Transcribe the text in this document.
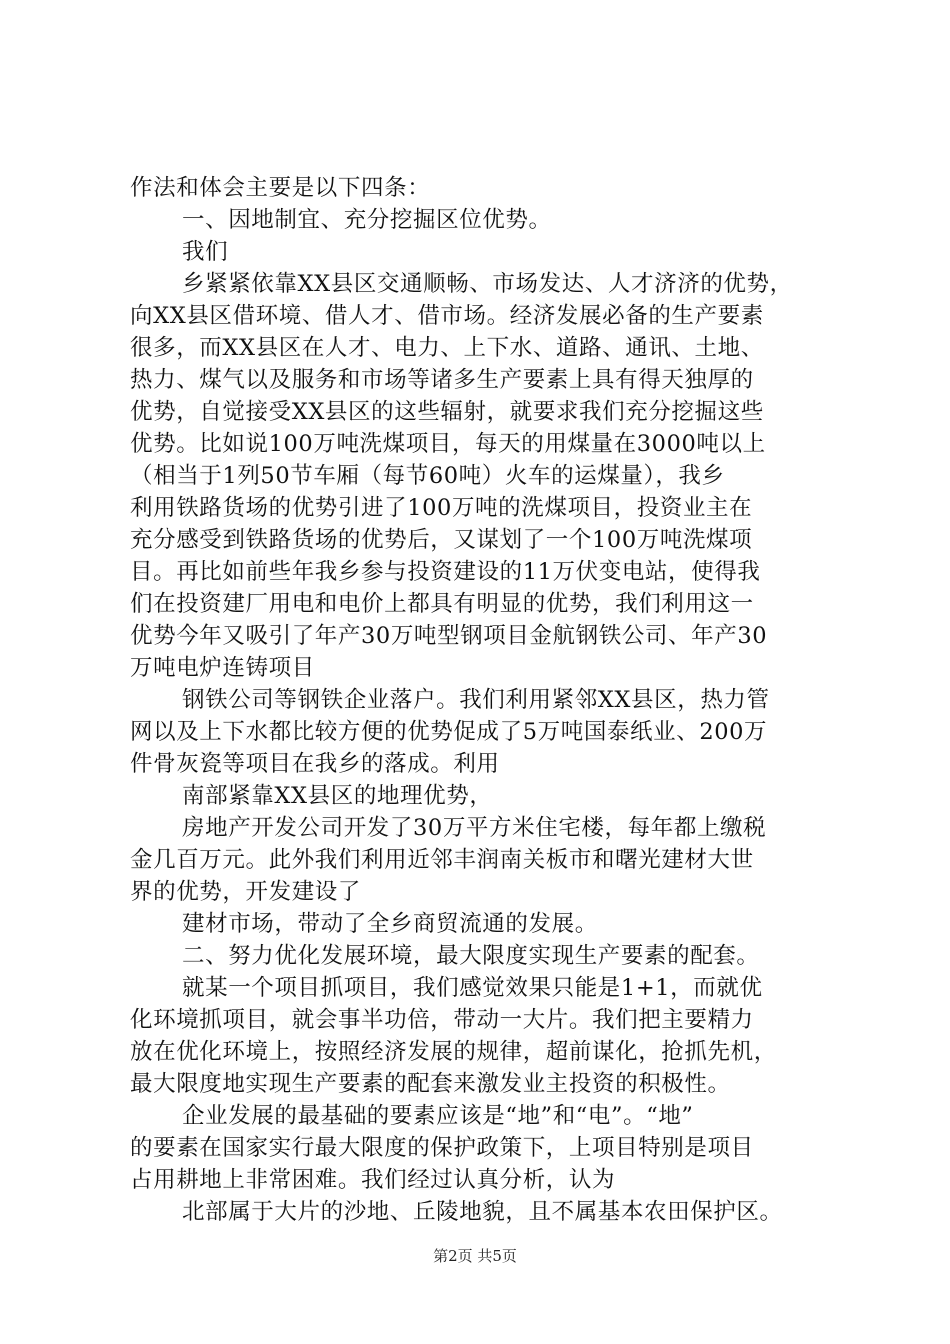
作法和体会主要是以下四条：
一、因地制宜、充分挖掘区位优势。
我们
乡紧紧依靠XX县区交通顺畅、市场发达、人才济济的优势，
向XX县区借环境、借人才、借市场。经济发展必备的生产要素
很多，而XX县区在人才、电力、上下水、道路、通讯、土地、
热力、煤气以及服务和市场等诸多生产要素上具有得天独厚的
优势，自觉接受XX县区的这些辐射，就要求我们充分挖掘这些
优势。比如说100万吨洗煤项目，每天的用煤量在3000吨以上
（相当于1列50节车厢（每节60吨）火车的运煤量），我乡
利用铁路货场的优势引进了100万吨的洗煤项目，投资业主在
充分感受到铁路货场的优势后，又谋划了一个100万吨洗煤项
目。再比如前些年我乡参与投资建设的11万伏变电站，使得我
们在投资建厂用电和电价上都具有明显的优势，我们利用这一
优势今年又吸引了年产30万吨型钢项目金航钢铁公司、年产30
万吨电炉连铸项目
钢铁公司等钢铁企业落户。我们利用紧邻XX县区，热力管
网以及上下水都比较方便的优势促成了5万吨国泰纸业、200万
件骨灰瓷等项目在我乡的落成。利用
南部紧靠XX县区的地理优势，
房地产开发公司开发了30万平方米住宅楼，每年都上缴税
金几百万元。此外我们利用近邻丰润南关板市和曙光建材大世
界的优势，开发建设了
建材市场，带动了全乡商贸流通的发展。
二、努力优化发展环境，最大限度实现生产要素的配套。
就某一个项目抓项目，我们感觉效果只能是1+1，而就优
化环境抓项目，就会事半功倍，带动一大片。我们把主要精力
放在优化环境上，按照经济发展的规律，超前谋化，抢抓先机，
最大限度地实现生产要素的配套来激发业主投资的积极性。
企业发展的最基础的要素应该是“地”和“电”。“地”
的要素在国家实行最大限度的保护政策下，上项目特别是项目
占用耕地上非常困难。我们经过认真分析，认为
北部属于大片的沙地、丘陵地貌，且不属基本农田保护区。
第2页 共5页
